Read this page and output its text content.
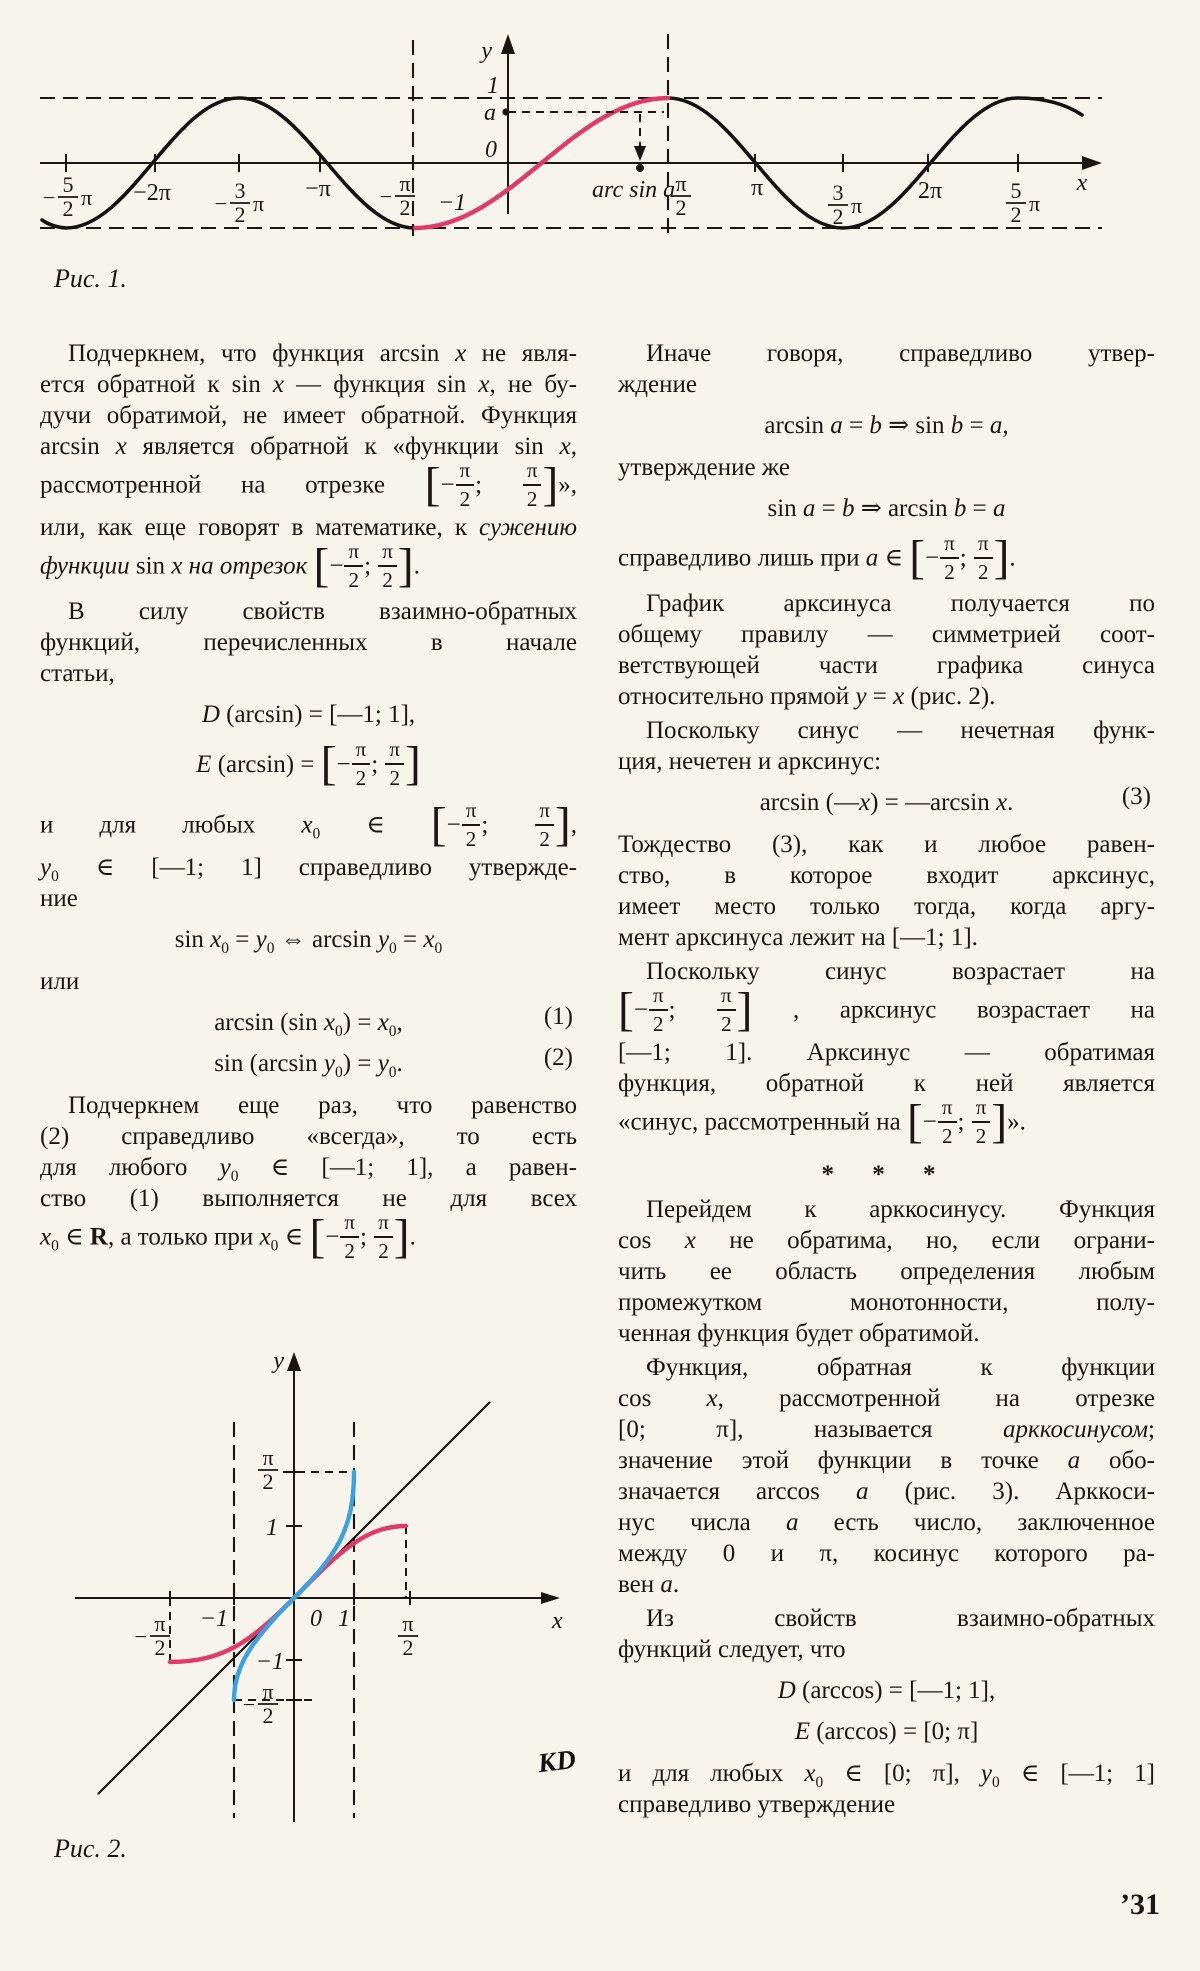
y
x
1
a
0
−1	arc sin a
−2π	−π	π	2π
−
5
2 π	−
3
2 π	−
π
2
π
2
3
2 π
5
2 π
Рис. 1.
Подчеркнем, что функция arcsin x не явля-
ется обратной к sin x — функция sin x, не бу-
дучи обратимой, не имеет обратной. Функция
arcsin x является обратной к «функции sin x,
рассмотренной на отрезке [− $\frac{\pi}{2}$ ; $\frac{\pi}{2}$ ]»,
или, как еще говорят в математике, к сужению
функции sin x на отрезок [− $\frac{\pi}{2}$ ; $\frac{\pi}{2}$ ].
В силу свойств взаимно-обратных
функций, перечисленных в начале
статьи,
D (arcsin) = [—1; 1],
E (arcsin) = [− $\frac{\pi}{2}$ ; $\frac{\pi}{2}$ ]
и для любых $x_0$ ∈ [− $\frac{\pi}{2}$ ; $\frac{\pi}{2}$ ],
$y_0$ ∈ [—1; 1] справедливо утвержде-
ние
$\sin x_0 = y_0$ ⇔ $\arcsin y_0 = x_0$
или
arcsin (sin $x_0) = x_0$,	(1)
sin (arcsin $y_0) = y_0$.	(2)
Подчеркнем еще раз, что равенство
(2) справедливо «всегда», то есть
для любого $y_0$ ∈ [—1; 1], а равен-
ство (1) выполняется не для всех
$x_0$ ∈ R, а только при $x_0$ ∈ [− $\frac{\pi}{2}$ ; $\frac{\pi}{2}$ ].
Иначе говоря, справедливо утвер-
ждение
arcsin a = b ⇒ sin b = a,
утверждение же
sin a = b ⇒ arcsin b = a
справедливо лишь при a ∈ [− $\frac{\pi}{2}$ ; $\frac{\pi}{2}$ ].
График арксинуса получается по
общему правилу — симметрией соот-
ветствующей части графика синуса
относительно прямой y = x (рис. 2).
Поскольку синус — нечетная функ-
ция, нечетен и арксинус:
arcsin (—x) = —arcsin x.	(3)
Тождество (3), как и любое равен-
ство, в которое входит арксинус,
имеет место только тогда, когда аргу-
мент арксинуса лежит на [—1; 1].
Поскольку синус возрастает на
[− $\frac{\pi}{2}$ ; $\frac{\pi}{2}$ ] , арксинус возрастает на
[—1; 1]. Арксинус — обратимая
функция, обратной к ней является
«синус, рассмотренный на [− $\frac{\pi}{2}$ ; $\frac{\pi}{2}$ ]».
* * *
Перейдем к арккосинусу. Функция
cos x не обратима, но, если ограни-
чить ее область определения любым
промежутком монотонности, полу-
ченная функция будет обратимой.
Функция, обратная к функции
cos x, рассмотренной на отрезке
[0; π], называется арккосинусом;
значение этой функции в точке a обо-
значается arccos a (рис. 3). Арккоси-
нус числа a есть число, заключенное
между 0 и π, косинус которого ра-
вен a.
Из свойств взаимно-обратных
функций следует, что
D (arccos) = [—1; 1],
E (arccos) = [0; π]
и для любых $x_0$ ∈ [0; π], $y_0$ ∈ [—1; 1]
справедливо утверждение
y
x
0
1
−1
1
−1
π
2
−
π
2
π
2
−
π
2
Рис. 2.
КD
’31
